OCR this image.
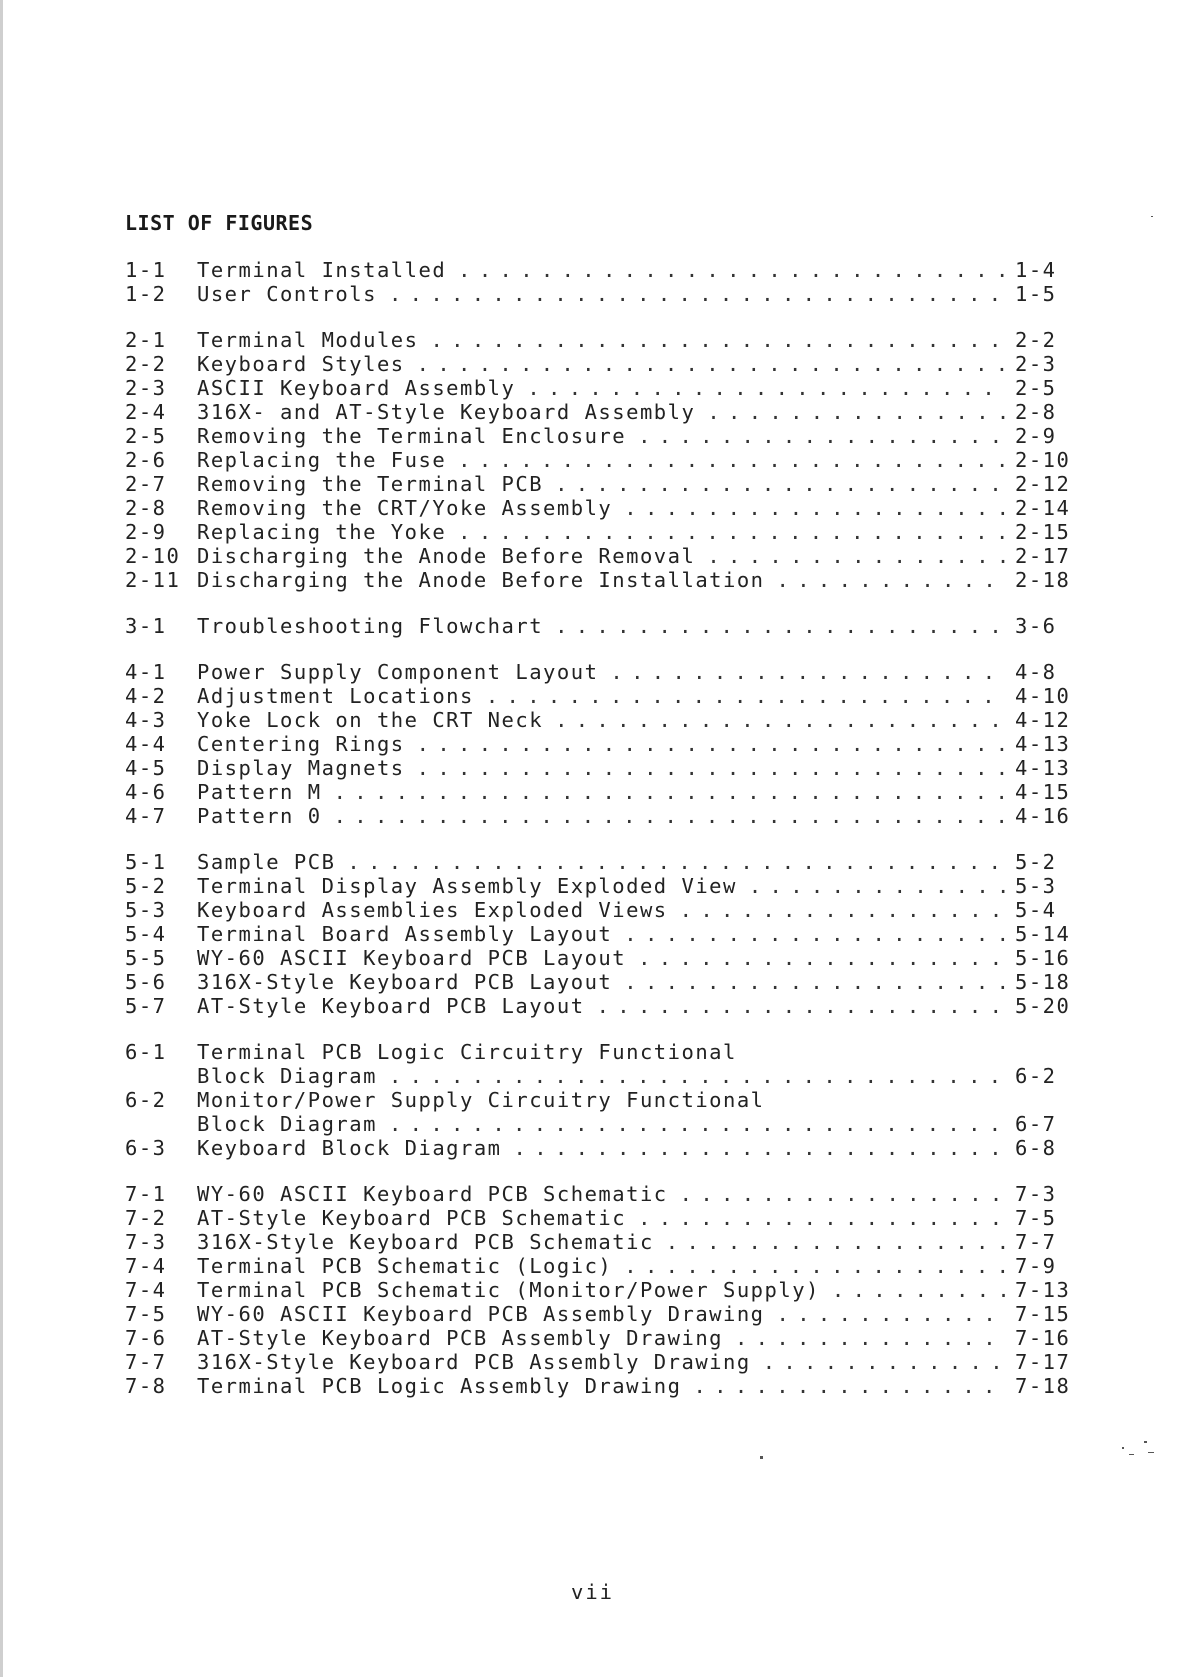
LIST OF FIGURES
1-1	Terminal Installed . . .	1-4
1-2	User Controls . . .	1-5
2-1	Terminal Modules . . .	2-2
2-2	Keyboard Styles . . .	2-3
2-3	ASCII Keyboard Assembly . . .	2-5
2-4	316X- and AT-Style Keyboard Assembly . . .	2-8
2-5	Removing the Terminal Enclosure . . .	2-9
2-6	Replacing the Fuse . . .	2-10
2-7	Removing the Terminal PCB . . .	2-12
2-8	Removing the CRT/Yoke Assembly . . .	2-14
2-9	Replacing the Yoke . . .	2-15
2-10 Discharging the Anode Before Removal . . .	2-17
2-11 Discharging the Anode Before Installation . . .	2-18
3-1	Troubleshooting Flowchart . . .	3-6
4-1	Power Supply Component Layout . . .	4-8
4-2	Adjustment Locations . . .	4-10
4-3	Yoke Lock on the CRT Neck . . .	4-12
4-4	Centering Rings . . .	4-13
4-5	Display Magnets . . .	4-13
4-6	Pattern M . . .	4-15
4-7	Pattern 0 . . .	4-16
5-1	Sample PCB . . .	5-2
5-2	Terminal Display Assembly Exploded View . . .	5-3
5-3	Keyboard Assemblies Exploded Views . . .	5-4
5-4	Terminal Board Assembly Layout . . .	5-14
5-5	WY-60 ASCII Keyboard PCB Layout . . .	5-16
5-6	316X-Style Keyboard PCB Layout . . .	5-18
5-7	AT-Style Keyboard PCB Layout . . .	5-20
6-1	Terminal PCB Logic Circuitry Functional
Block Diagram . . .	6-2
6-2	Monitor/Power Supply Circuitry Functional
Block Diagram . . .	6-7
6-3	Keyboard Block Diagram . . .	6-8
7-1	WY-60 ASCII Keyboard PCB Schematic . . .	7-3
7-2	AT-Style Keyboard PCB Schematic . . .	7-5
7-3	316X-Style Keyboard PCB Schematic . . .	7-7
7-4	Terminal PCB Schematic (Logic) . . .	7-9
7-4	Terminal PCB Schematic (Monitor/Power Supply) . . .	7-13
7-5	WY-60 ASCII Keyboard PCB Assembly Drawing . . .	7-15
7-6	AT-Style Keyboard PCB Assembly Drawing . . .	7-16
7-7	316X-Style Keyboard PCB Assembly Drawing . . .	7-17
7-8	Terminal PCB Logic Assembly Drawing . . .	7-18
vii
